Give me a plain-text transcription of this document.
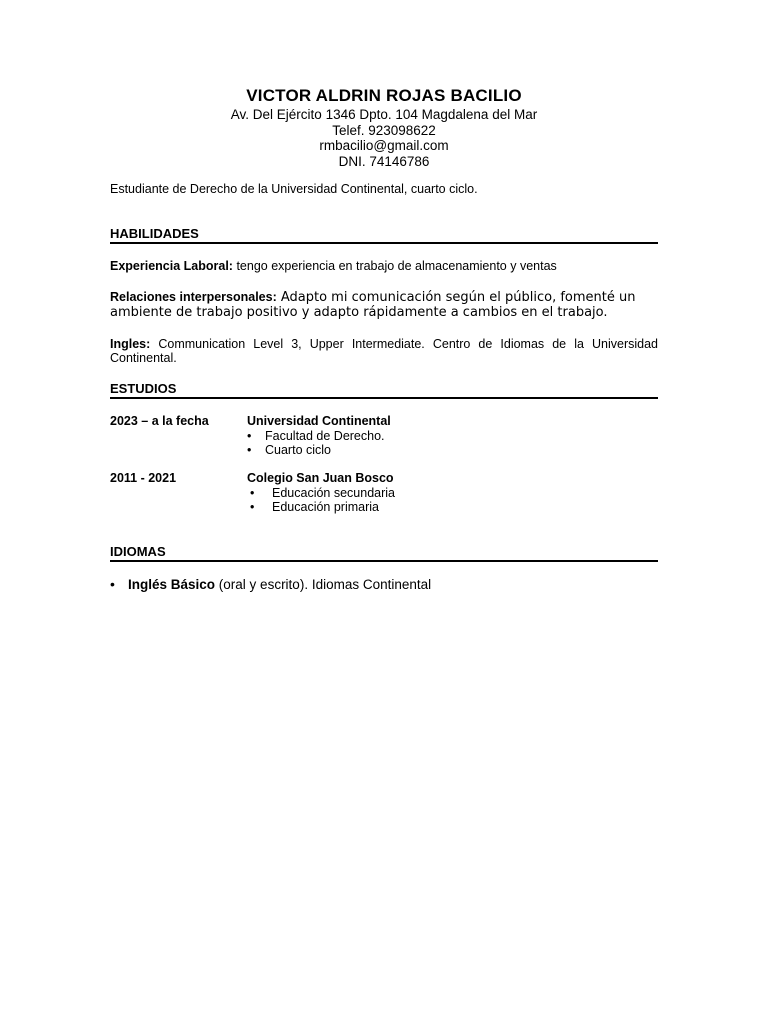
VICTOR ALDRIN ROJAS BACILIO
Av. Del Ejército 1346 Dpto. 104 Magdalena del Mar
Telef. 923098622
rmbacilio@gmail.com
DNI. 74146786
Estudiante de Derecho de la Universidad Continental, cuarto ciclo.
HABILIDADES
Experiencia Laboral: tengo experiencia en trabajo de almacenamiento y ventas
Relaciones interpersonales: Adapto mi comunicación según el público, fomenté un ambiente de trabajo positivo y adapto rápidamente a cambios en el trabajo.
Ingles: Communication Level 3, Upper Intermediate. Centro de Idiomas de la Universidad Continental.
ESTUDIOS
2023 – a la fecha	Universidad Continental
• Facultad de Derecho.
• Cuarto ciclo
2011 - 2021	Colegio San Juan Bosco
• Educación secundaria
• Educación primaria
IDIOMAS
• Inglés Básico (oral y escrito). Idiomas Continental
